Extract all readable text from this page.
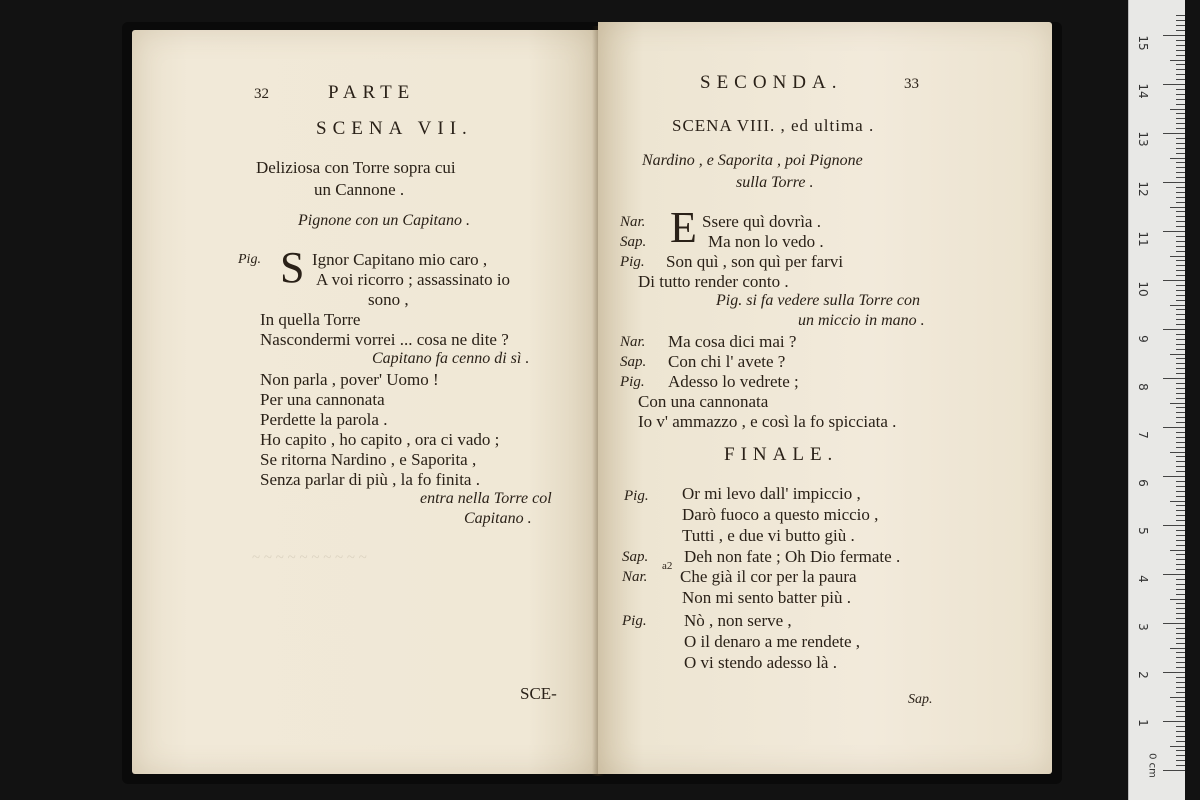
~ ~ ~ ~ ~ ~ ~ ~ ~ ~
32	PARTE
SCENA VII.
Deliziosa con Torre sopra cui
un Cannone .
Pignone con un Capitano .
Pig. S Ignor Capitano mio caro ,
A voi ricorro ; assassinato io
sono ,
In quella Torre
Nascondermi vorrei ... cosa ne dite ?
Capitano fa cenno di sì .
Non parla , pover' Uomo !
Per una cannonata
Perdette la parola .
Ho capito , ho capito , ora ci vado ;
Se ritorna Nardino , e Saporita ,
Senza parlar di più , la fo finita .
entra nella Torre col
Capitano .
SCE-
SECONDA.	33
SCENA VIII. , ed ultima .
Nardino , e Saporita , poi Pignone
sulla Torre .
Nar. E Ssere quì dovrìa .
Sap.	Ma non lo vedo .
Pig. Son quì , son quì per farvi
Di tutto render conto .
Pig. si fa vedere sulla Torre con
un miccio in mano .
Nar. Ma cosa dici mai ?
Sap. Con chi l' avete ?
Pig. Adesso lo vedrete ;
Con una cannonata
Io v' ammazzo , e così la fo spicciata .
FINALE.
Pig. Or mi levo dall' impiccio ,
Darò fuoco a questo miccio ,
Tutti , e due vi butto giù .
Sap. Deh non fate ; Oh Dio fermate .
Nar.
a2
Che già il cor per la paura
Non mi sento batter più .
Pig. Nò , non serve ,
O il denaro a me rendete ,
O vi stendo adesso là .
Sap.
0 cm
1
2
3
4
5
6
7
8
9
10
11
12
13
14
15
